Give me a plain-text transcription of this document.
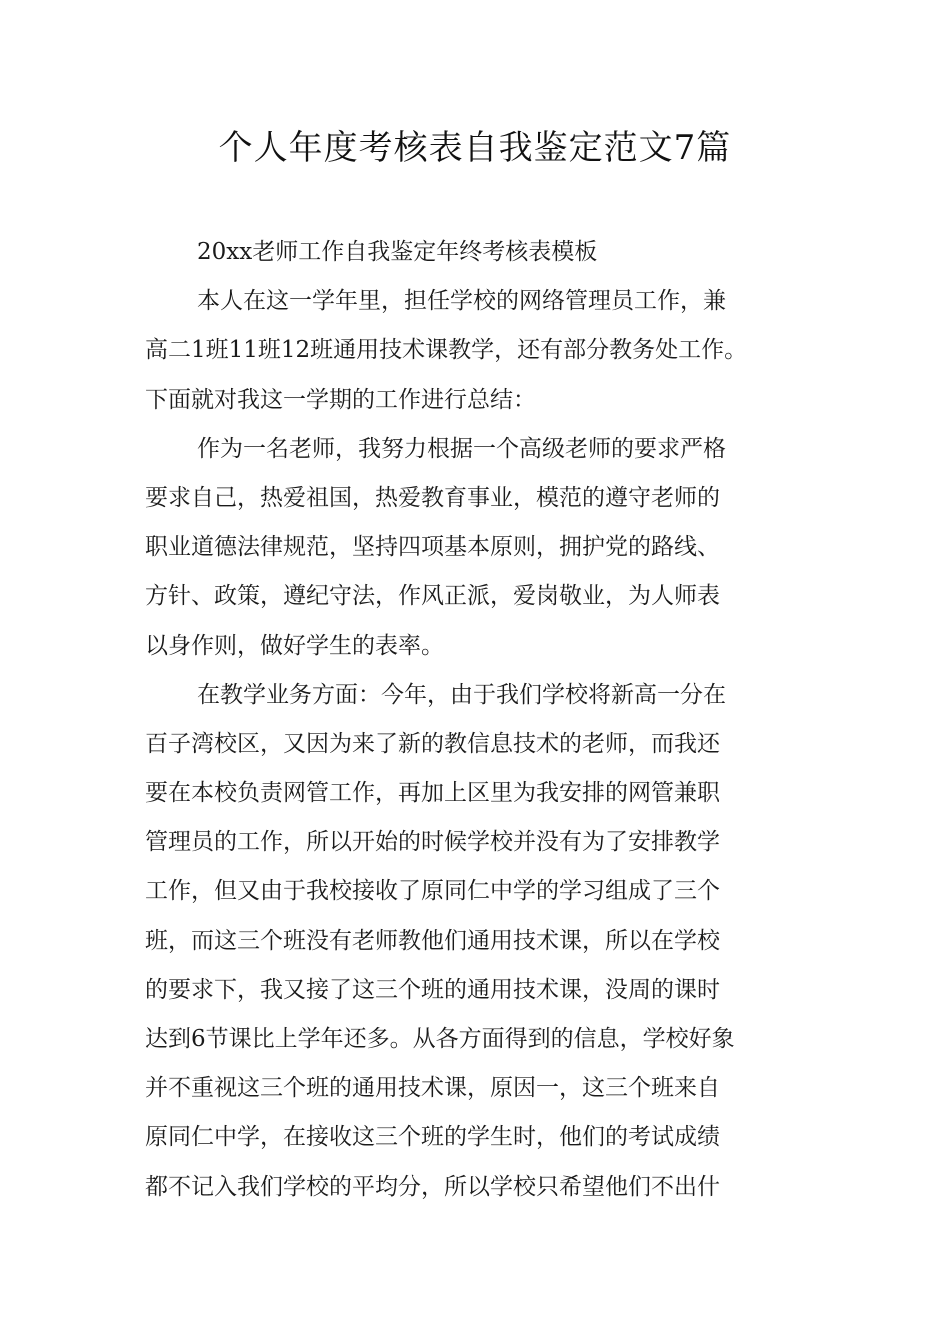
个人年度考核表自我鉴定范文7篇
20xx老师工作自我鉴定年终考核表模板
本人在这一学年里，担任学校的网络管理员工作，兼
高二1班11班12班通用技术课教学，还有部分教务处工作。
下面就对我这一学期的工作进行总结：
作为一名老师，我努力根据一个高级老师的要求严格
要求自己，热爱祖国，热爱教育事业，模范的遵守老师的
职业道德法律规范，坚持四项基本原则，拥护党的路线、
方针、政策，遵纪守法，作风正派，爱岗敬业，为人师表
以身作则，做好学生的表率。
在教学业务方面：今年，由于我们学校将新高一分在
百子湾校区，又因为来了新的教信息技术的老师，而我还
要在本校负责网管工作，再加上区里为我安排的网管兼职
管理员的工作，所以开始的时候学校并没有为了安排教学
工作，但又由于我校接收了原同仁中学的学习组成了三个
班，而这三个班没有老师教他们通用技术课，所以在学校
的要求下，我又接了这三个班的通用技术课，没周的课时
达到6节课比上学年还多。从各方面得到的信息，学校好象
并不重视这三个班的通用技术课，原因一，这三个班来自
原同仁中学，在接收这三个班的学生时，他们的考试成绩
都不记入我们学校的平均分，所以学校只希望他们不出什
